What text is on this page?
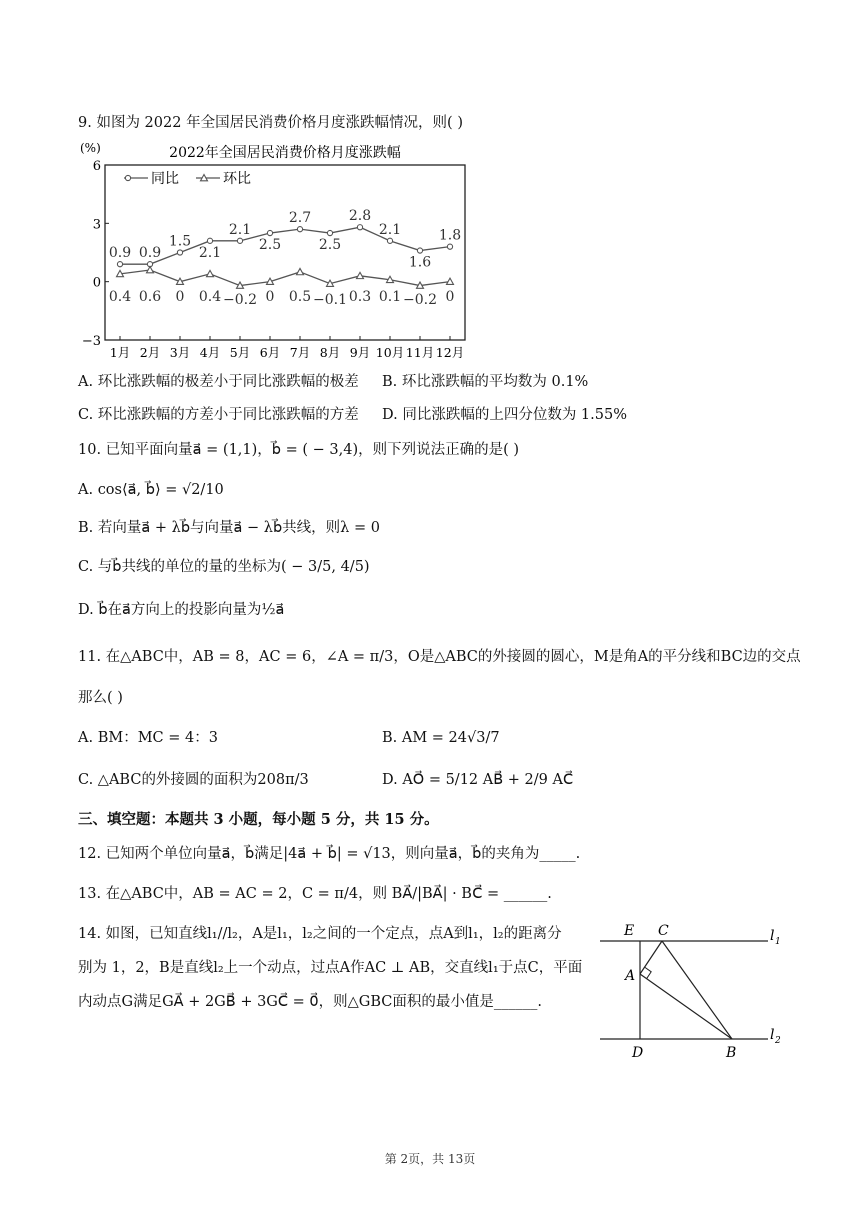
9. 如图为 2022 年全国居民消费价格月度涨跌幅情况，则( )
2022年全国居民消费价格月度涨跌幅
(%)
6
3
0
−3
1月 2月 3月 4月 5月 6月 7月 8月 9月 10月 11月 12月
0.9 0.9
1.5
2.1
2.1
2.5
2.7
2.5
2.8
2.1
1.6
1.8
0.4 0.6 0 0.4 −0.2 0 0.5 −0.1 0.3 0.1 −0.2 0
同比	环比
A. 环比涨跌幅的极差小于同比涨跌幅的极差 B. 环比涨跌幅的平均数为 0.1%
C. 环比涨跌幅的方差小于同比涨跌幅的方差 D. 同比涨跌幅的上四分位数为 1.55%
10. 已知平面向量a⃗ = (1,1)，b⃗ = ( − 3,4)，则下列说法正确的是( )
A. cos⟨a⃗, b⃗⟩ = √2/10
B. 若向量a⃗ + λb⃗与向量a⃗ − λb⃗共线，则λ = 0
C. 与b⃗共线的单位的量的坐标为( − 3/5, 4/5)
D. b⃗在a⃗方向上的投影向量为½a⃗
11. 在△ABC中，AB = 8，AC = 6，∠A = π/3，O是△ABC的外接圆的圆心，M是角A的平分线和BC边的交点
那么( )
A. BM：MC = 4：3	B. AM = 24√3/7
C. △ABC的外接圆的面积为208π/3	D. AO⃗ = 5/12 AB⃗ + 2/9 AC⃗
三、填空题：本题共 3 小题，每小题 5 分，共 15 分。
12. 已知两个单位向量a⃗，b⃗满足|4a⃗ + b⃗| = √13，则向量a⃗，b⃗的夹角为_____.
13. 在△ABC中，AB = AC = 2，C = π/4，则 BA⃗/|BA⃗| · BC⃗ = ______.
14. 如图，已知直线l₁//l₂，A是l₁，l₂之间的一个定点，点A到l₁，l₂的距离分
别为 1，2，B是直线l₂上一个动点，过点A作AC ⊥ AB，交直线l₁于点C，平面
内动点G满足GA⃗ + 2GB⃗ + 3GC⃗ = 0⃗，则△GBC面积的最小值是______.
E C
A
D	B
l 1
l 2
第 2页，共 13页
